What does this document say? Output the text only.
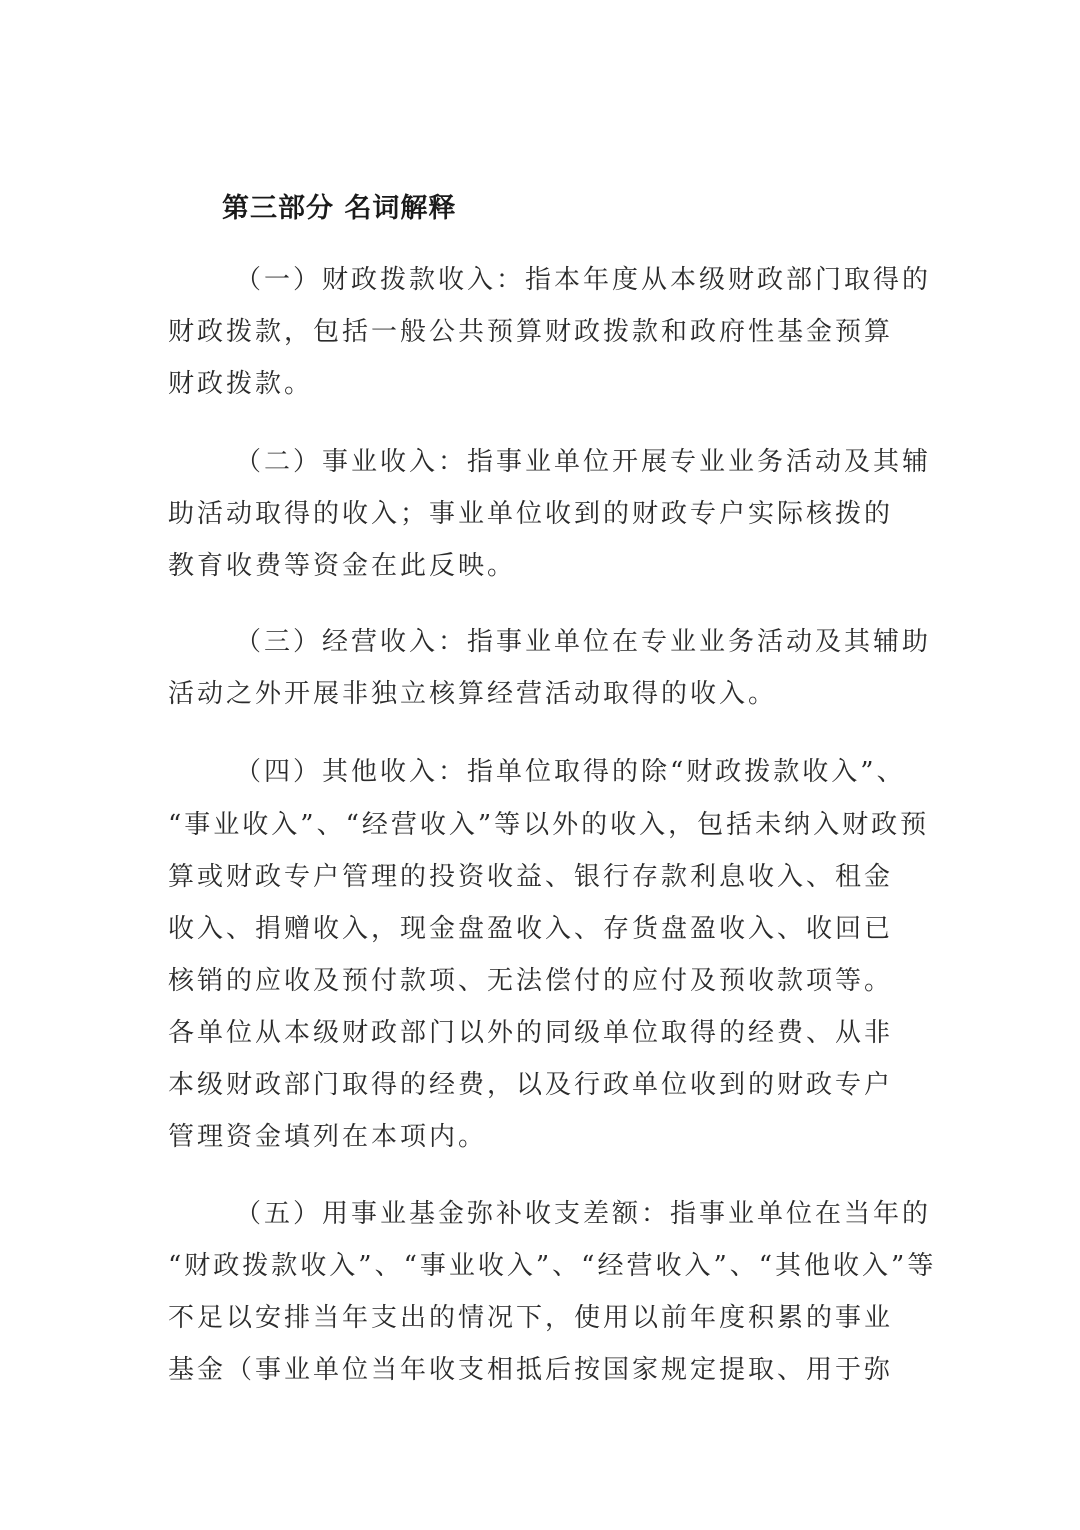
第三部分 名词解释

（一）财政拨款收入：指本年度从本级财政部门取得的

财政拨款，包括一般公共预算财政拨款和政府性基金预算

财政拨款。

（二）事业收入：指事业单位开展专业业务活动及其辅

助活动取得的收入；事业单位收到的财政专户实际核拨的

教育收费等资金在此反映。

（三）经营收入：指事业单位在专业业务活动及其辅助

活动之外开展非独立核算经营活动取得的收入。

（四）其他收入：指单位取得的除“财政拨款收入”、

“事业收入”、“经营收入”等以外的收入，包括未纳入财政预

算或财政专户管理的投资收益、银行存款利息收入、租金

收入、捐赠收入，现金盘盈收入、存货盘盈收入、收回已

核销的应收及预付款项、无法偿付的应付及预收款项等。

各单位从本级财政部门以外的同级单位取得的经费、从非

本级财政部门取得的经费，以及行政单位收到的财政专户

管理资金填列在本项内。

（五）用事业基金弥补收支差额：指事业单位在当年的

“财政拨款收入”、“事业收入”、“经营收入”、“其他收入”等

不足以安排当年支出的情况下，使用以前年度积累的事业

基金（事业单位当年收支相抵后按国家规定提取、用于弥
